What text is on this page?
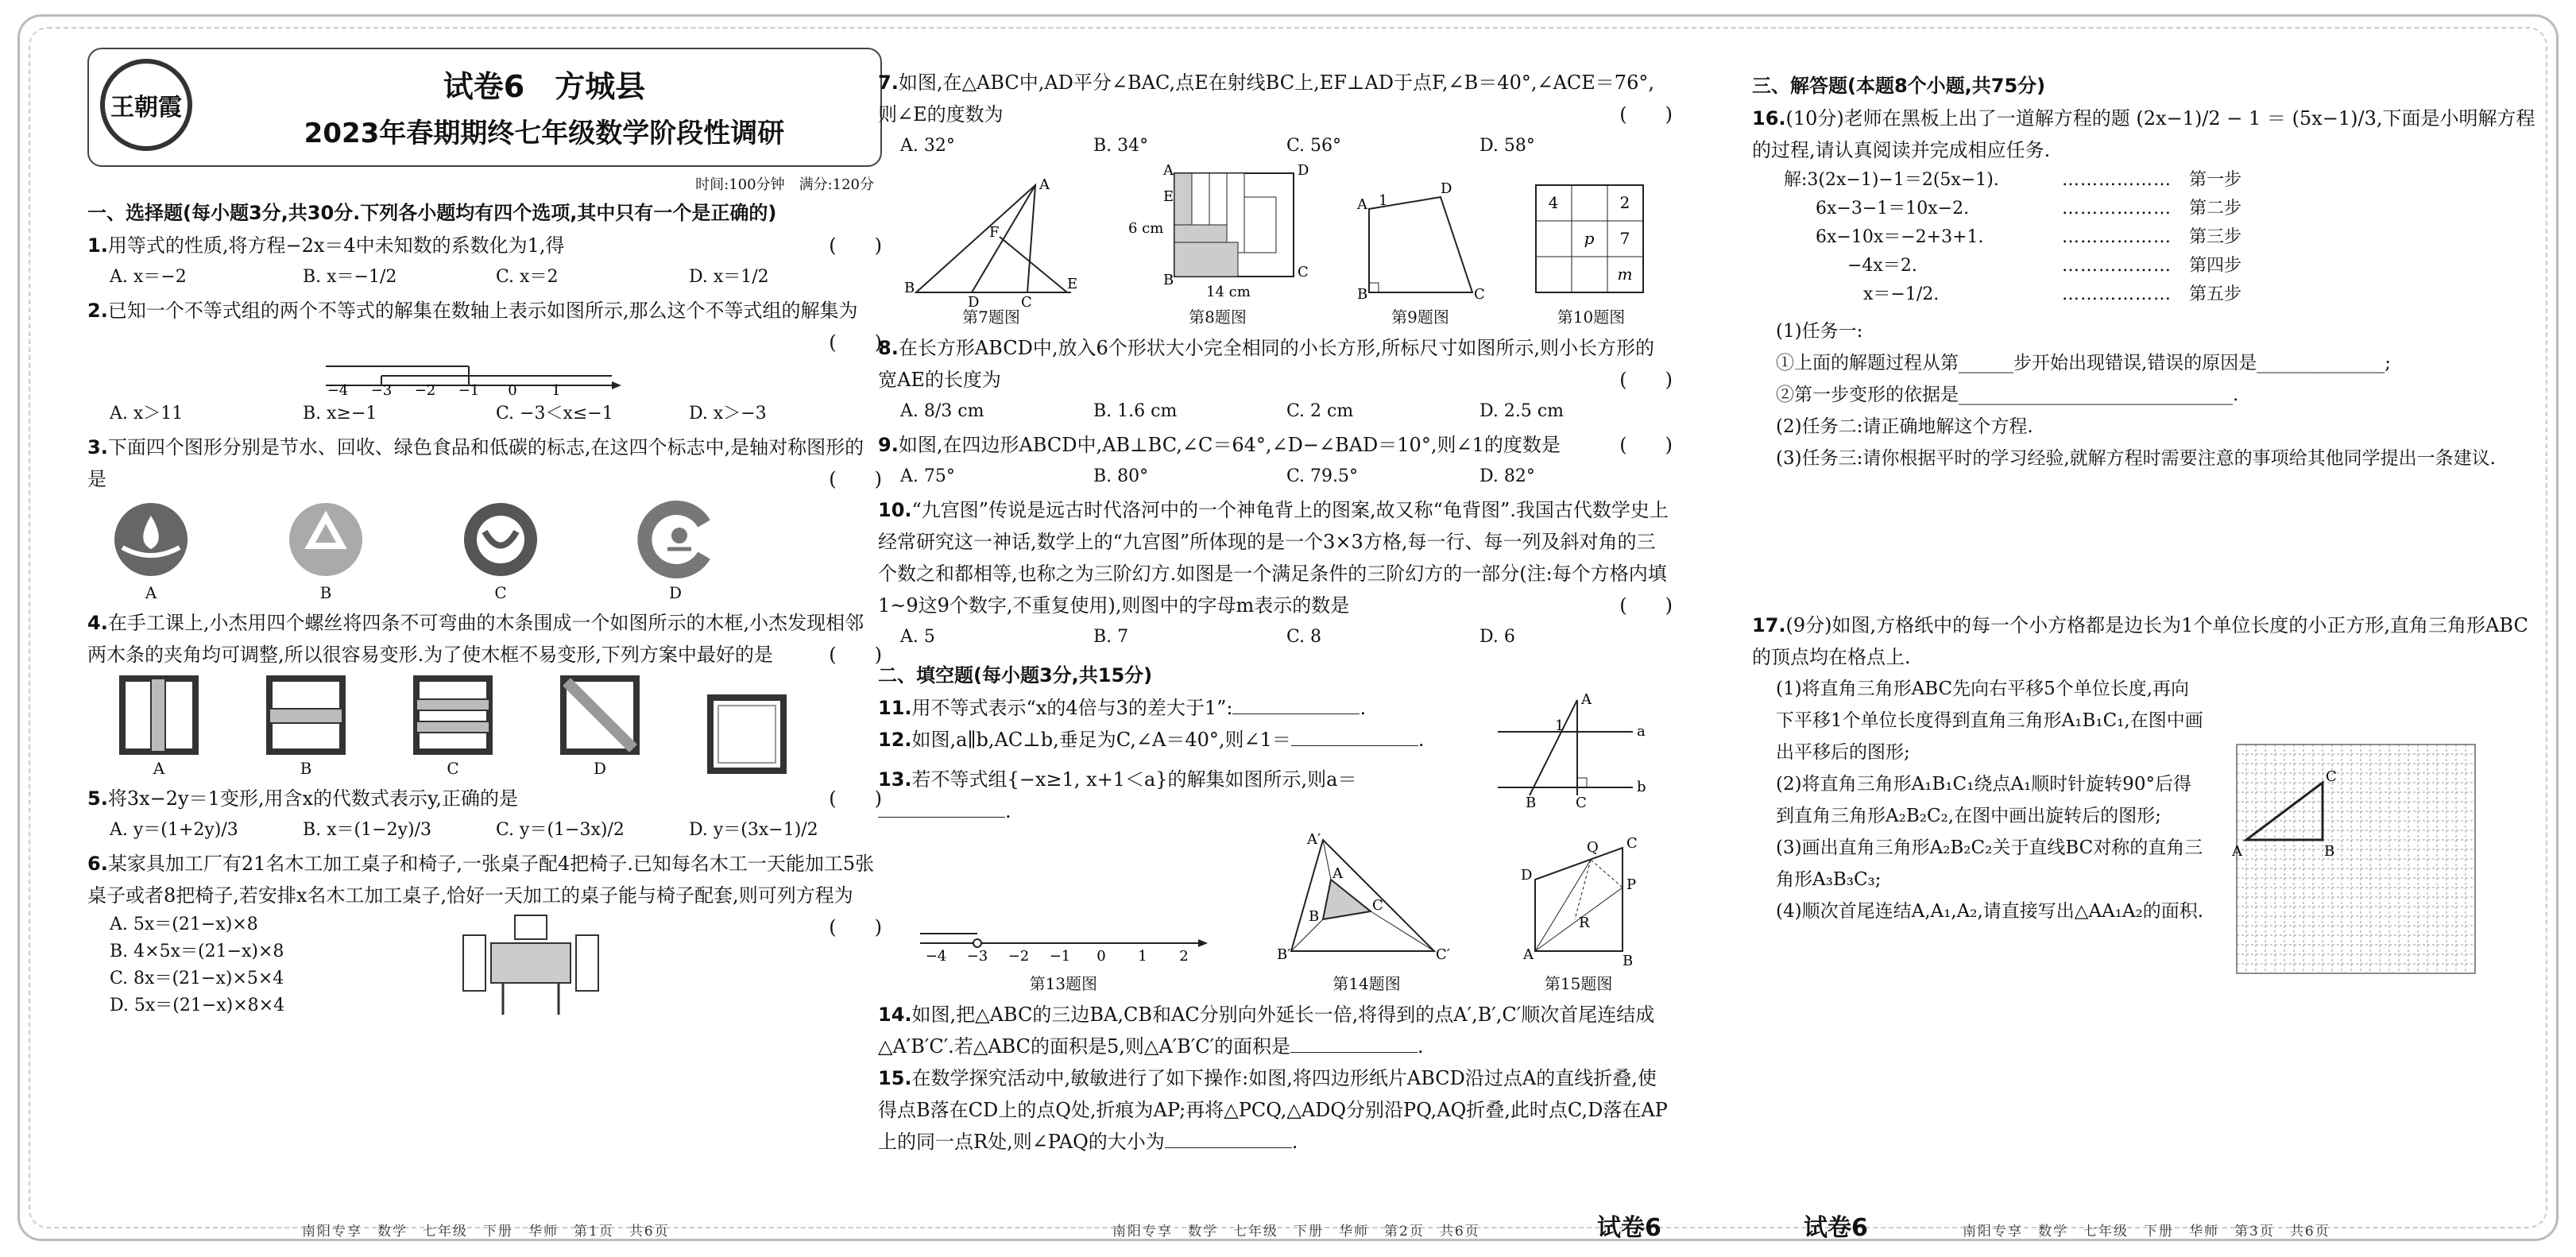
王朝霞
试卷6　方城县
2023年春期期终七年级数学阶段性调研
时间:100分钟　满分:120分
一、选择题(每小题3分,共30分.下列各小题均有四个选项,其中只有一个是正确的)

1.用等式的性质,将方程−2x＝4中未知数的系数化为1,得	(　　)

A. x＝−2	B. x＝−1/2	C. x＝2	D. x＝1/2

2.已知一个不等式组的两个不等式的解集在数轴上表示如图所示,那么这个不等式组的解集为
(　　)

−4 −3 −2 −1 0 1
A. x＞11	B. x≥−1	C. −3＜x≤−1	D. x＞−3

3.下面四个图形分别是节水、回收、绿色食品和低碳的标志,在这四个标志中,是轴对称图形的是	(　　)

A	B	C	D

4.在手工课上,小杰用四个螺丝将四条不可弯曲的木条围成一个如图所示的木框,小杰发现相邻两木条的夹角均可调整,所以很容易变形.为了使木框不易变形,下列方案中最好的是	(　　)

A	B	C	D

5.将3x−2y＝1变形,用含x的代数式表示y,正确的是	(　　)

A. y＝(1+2y)/3	B. x＝(1−2y)/3	C. y＝(1−3x)/2	D. y＝(3x−1)/2

6.某家具加工厂有21名木工加工桌子和椅子,一张桌子配4把椅子.已知每名木工一天能加工5张桌子或者8把椅子,若安排x名木工加工桌子,恰好一天加工的桌子能与椅子配套,则可列方程为
(　　)

A. 5x＝(21−x)×8
B. 4×5x＝(21−x)×8
C. 8x＝(21−x)×5×4
D. 5x＝(21−x)×8×4

7.如图,在△ABC中,AD平分∠BAC,点E在射线BC上,EF⊥AD于点F,∠B＝40°,∠ACE＝76°,则∠E的度数为	(　　)

A. 32°	B. 34°	C. 56°	D. 58°
B
A
E
F
D	C
第7题图
A
E
D
C
B
6 cm
14 cm
第8题图
A
D
B	C
1
第9题图
4	2
p 7
m
第10题图

8.在长方形ABCD中,放入6个形状大小完全相同的小长方形,所标尺寸如图所示,则小长方形的宽AE的长度为	(　　)

A. 8/3 cm	B. 1.6 cm	C. 2 cm	D. 2.5 cm

9.如图,在四边形ABCD中,AB⊥BC,∠C＝64°,∠D−∠BAD＝10°,则∠1的度数是	(　　)

A. 75°	B. 80°	C. 79.5°	D. 82°

10.“九宫图”传说是远古时代洛河中的一个神龟背上的图案,故又称“龟背图”.我国古代数学史上经常研究这一神话,数学上的“九宫图”所体现的是一个3×3方格,每一行、每一列及斜对角的三个数之和都相等,也称之为三阶幻方.如图是一个满足条件的三阶幻方的一部分(注:每个方格内填1~9这9个数字,不重复使用),则图中的字母m表示的数是	(　　)

A. 5	B. 7	C. 8	D. 6
二、填空题(每小题3分,共15分)

11.用不等式表示“x的4倍与3的差大于1”:	.

12.如图,a∥b,AC⊥b,垂足为C,∠A＝40°,则∠1＝	.

13.若不等式组{−x≥1, x+1＜a}的解集如图所示,则a＝.

A
B	C
a
b
1
−4 −3 −2 −1 0 1 2
第13题图
A′
B′	C′
A
B
C
第14题图
A	B
C
D
Q
P
R
第15题图

14.如图,把△ABC的三边BA,CB和AC分别向外延长一倍,将得到的点A′,B′,C′顺次首尾连结成△A′B′C′.若△ABC的面积是5,则△A′B′C′的面积是	.

15.在数学探究活动中,敏敏进行了如下操作:如图,将四边形纸片ABCD沿过点A的直线折叠,使得点B落在CD上的点Q处,折痕为AP;再将△PCQ,△ADQ分别沿PQ,AQ折叠,此时点C,D落在AP上的同一点R处,则∠PAQ的大小为	.

三、解答题(本题8个小题,共75分)

16.(10分)老师在黑板上出了一道解方程的题 (2x−1)/2 − 1 ＝ (5x−1)/3,下面是小明解方程的过程,请认真阅读并完成相应任务.

解:3(2x−1)−1＝2(5x−1).	………………	第一步
6x−3−1＝10x−2.	………………	第二步
6x−10x＝−2+3+1.	………………	第三步
−4x＝2.	………………	第四步
x＝−1/2.	………………	第五步
(1)任务一:
①上面的解题过程从第______步开始出现错误,错误的原因是______________;
②第一步变形的依据是______________________________.
(2)任务二:请正确地解这个方程.
(3)任务三:请你根据平时的学习经验,就解方程时需要注意的事项给其他同学提出一条建议.

17.(9分)如图,方格纸中的每一个小方格都是边长为1个单位长度的小正方形,直角三角形ABC的顶点均在格点上.

(1)将直角三角形ABC先向右平移5个单位长度,再向下平移1个单位长度得到直角三角形A₁B₁C₁,在图中画出平移后的图形;
(2)将直角三角形A₁B₁C₁绕点A₁顺时针旋转90°后得到直角三角形A₂B₂C₂,在图中画出旋转后的图形;
(3)画出直角三角形A₂B₂C₂关于直线BC对称的直角三角形A₃B₃C₃;
(4)顺次首尾连结A,A₁,A₂,请直接写出△AA₁A₂的面积.
A	B
C
南阳专享　数学　七年级　下册　华师　第1页　共6页	南阳专享　数学　七年级　下册　华师　第2页　共6页	试卷6	试卷6	南阳专享　数学　七年级　下册　华师　第3页　共6页
